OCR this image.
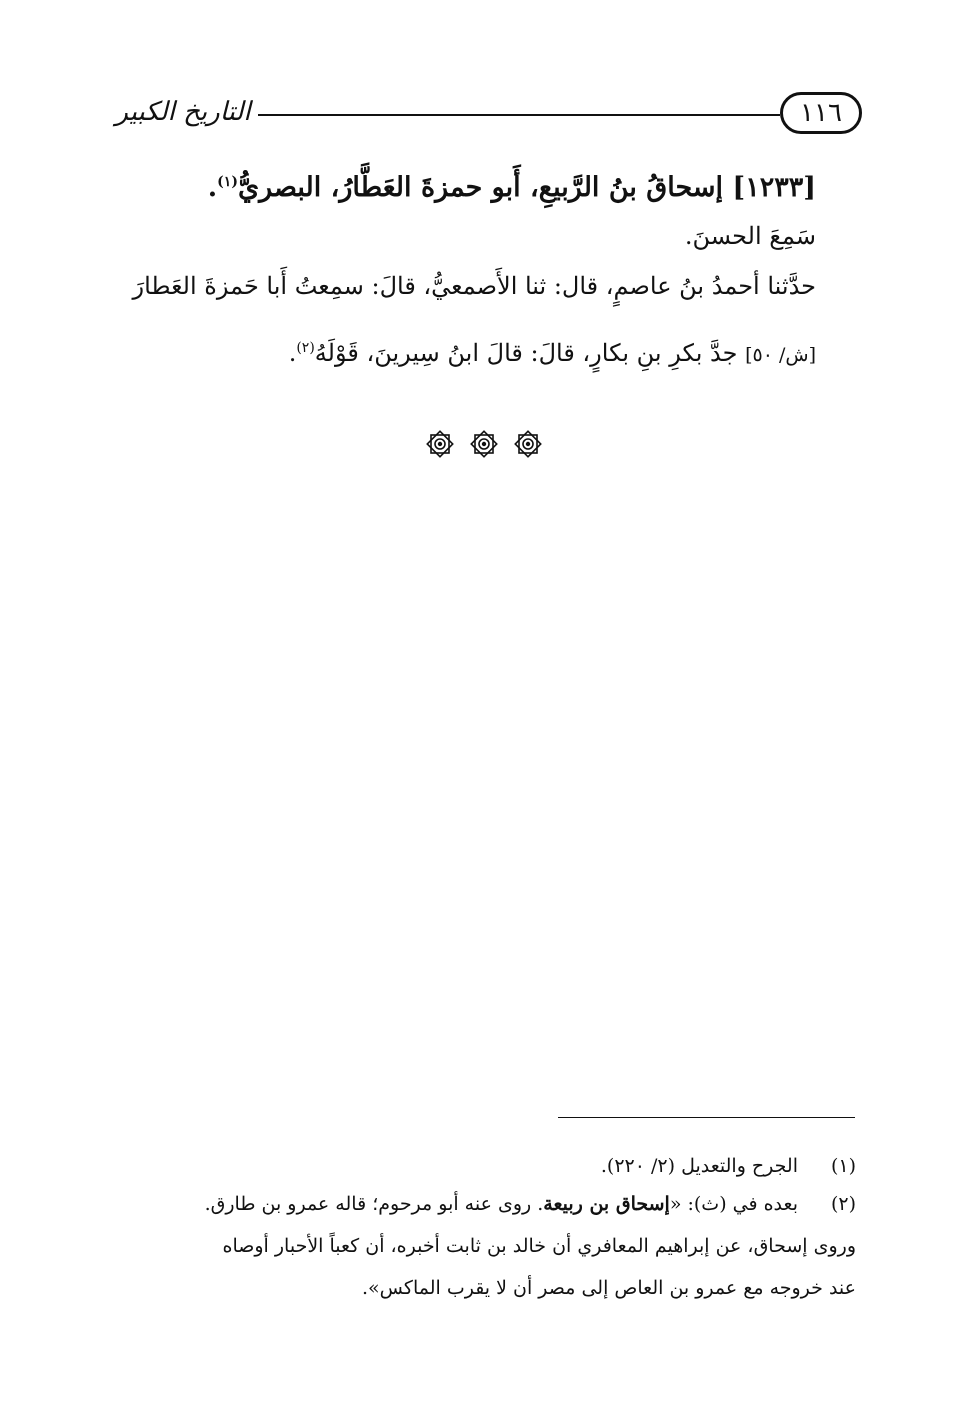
١١٦
التاريخ الكبير
[١٢٣٣] إسحاقُ بنُ الرَّبيعِ، أَبو حمزةَ العَطَّارُ، البصريُّ$^{(١)}$.
سَمِعَ الحسنَ.
حدَّثنا أحمدُ بنُ عاصمٍ، قال: ثنا الأَصمعيُّ، قالَ: سمِعتُ أَبا حَمزةَ العَطارَ
[ش/ ٥٠] جدَّ بكرِ بنِ بكارٍ، قالَ: قالَ ابنُ سِيرينَ، قَوْلَهُ$^{(٢)}$.
(١)الجرح والتعديل (٢/ ٢٢٠).
(٢)بعده في (ث): «إسحاق بن ربيعة. روى عنه أبو مرحوم؛ قاله عمرو بن طارق.
وروى إسحاق، عن إبراهيم المعافري أن خالد بن ثابت أخبره، أن كعباً الأحبار أوصاه
عند خروجه مع عمرو بن العاص إلى مصر أن لا يقرب الماكس».
